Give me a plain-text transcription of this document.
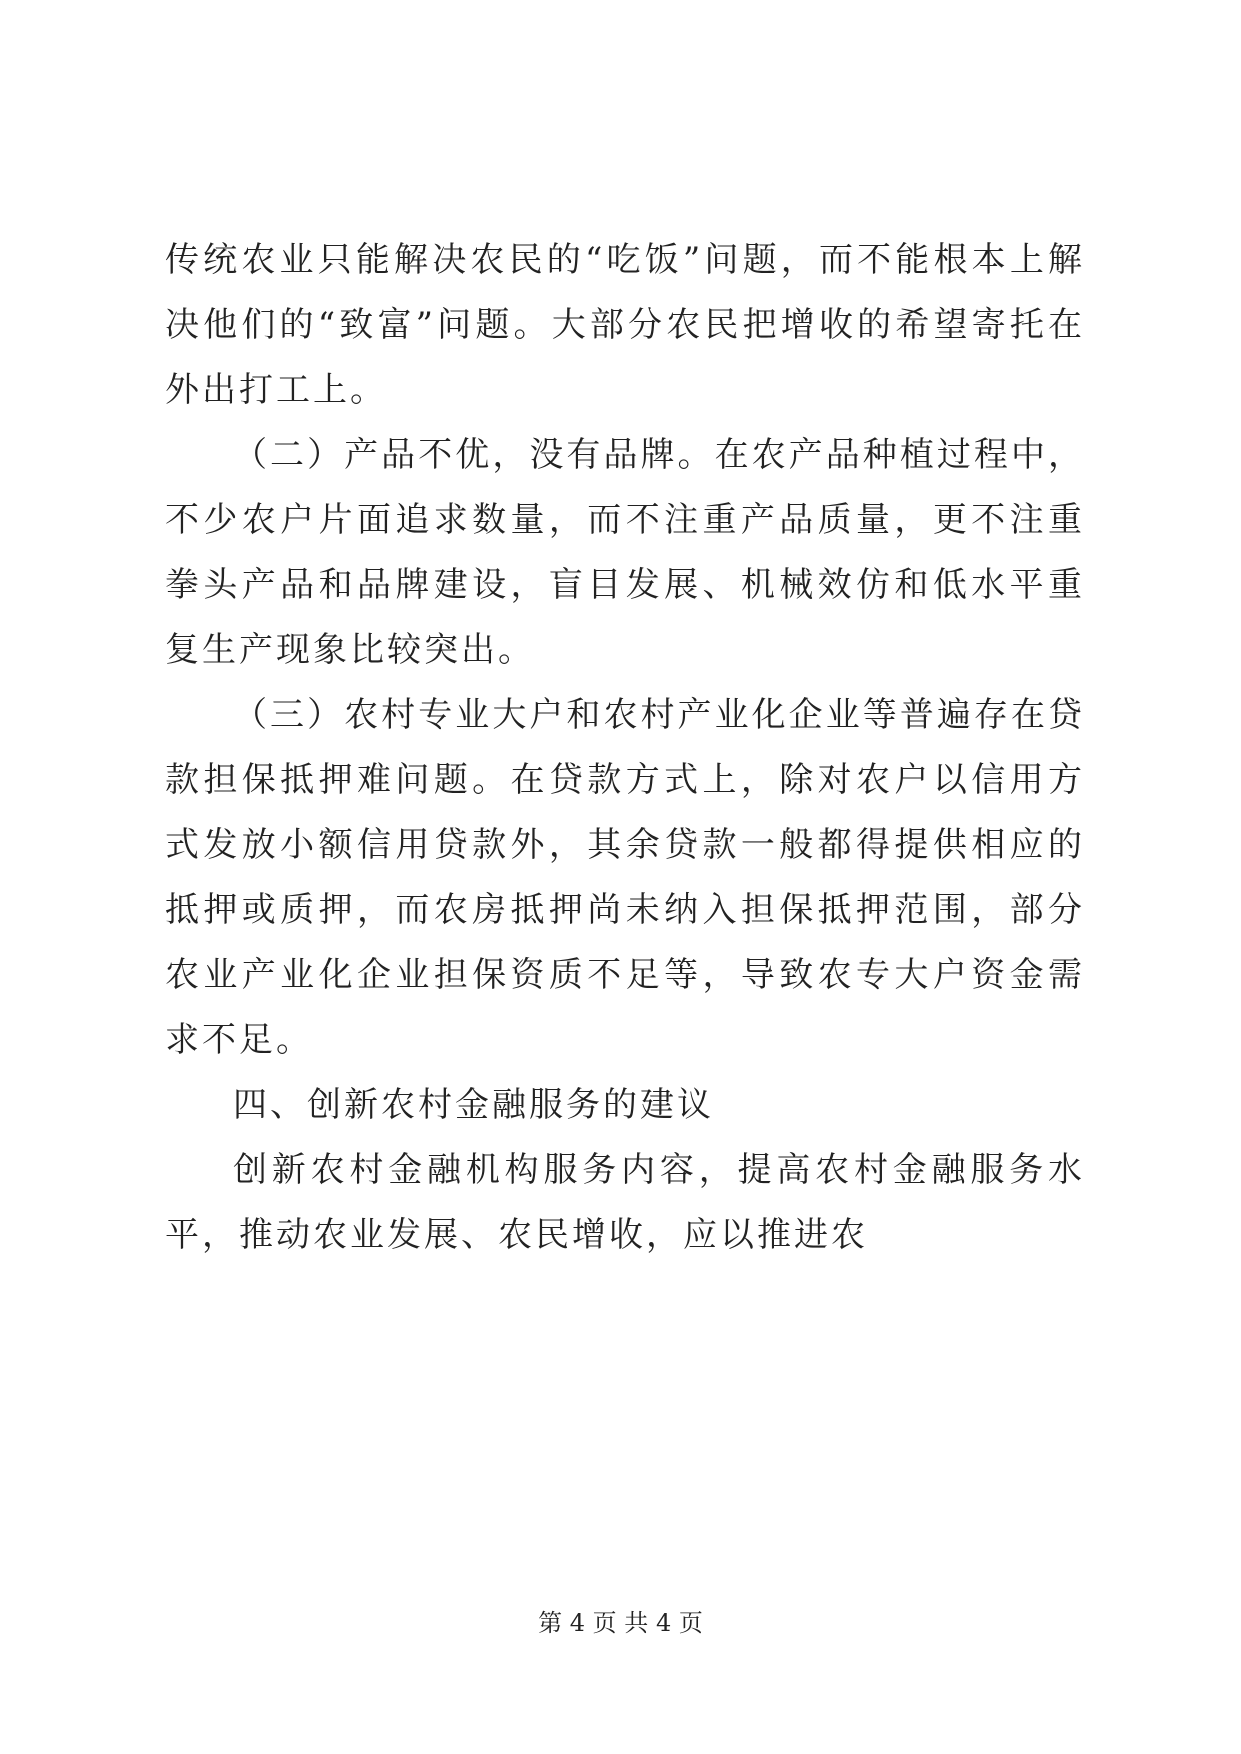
传统农业只能解决农民的“吃饭”问题，而不能根本上解决他们的“致富”问题。大部分农民把增收的希望寄托在外出打工上。

（二）产品不优，没有品牌。在农产品种植过程中，不少农户片面追求数量，而不注重产品质量，更不注重拳头产品和品牌建设，盲目发展、机械效仿和低水平重复生产现象比较突出。

（三）农村专业大户和农村产业化企业等普遍存在贷款担保抵押难问题。在贷款方式上，除对农户以信用方式发放小额信用贷款外，其余贷款一般都得提供相应的抵押或质押，而农房抵押尚未纳入担保抵押范围，部分农业产业化企业担保资质不足等，导致农专大户资金需求不足。

四、创新农村金融服务的建议

创新农村金融机构服务内容，提高农村金融服务水平，推动农业发展、农民增收，应以推进农

第 4 页 共 4 页
